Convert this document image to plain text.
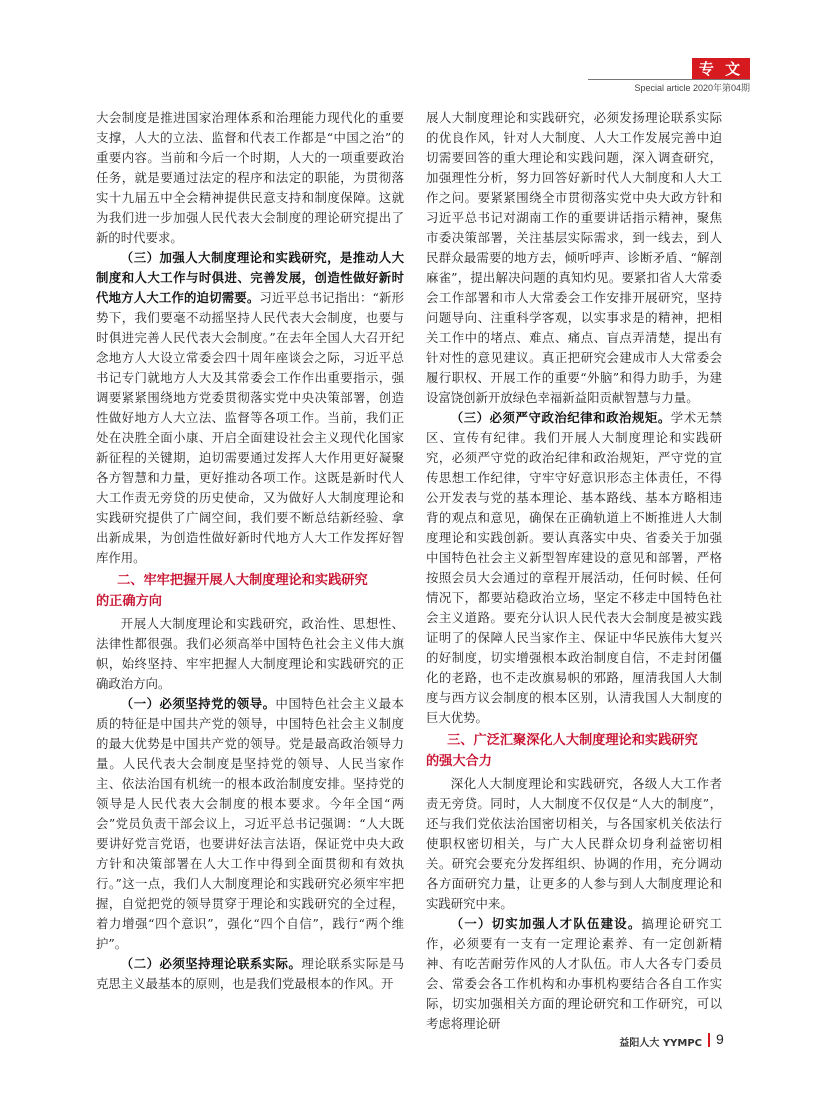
专 文
Special article 2020年第04期

大会制度是推进国家治理体系和治理能力现代化的重要支撑，人大的立法、监督和代表工作都是“中国之治”的重要内容。当前和今后一个时期，人大的一项重要政治任务，就是要通过法定的程序和法定的职能，为贯彻落实十九届五中全会精神提供民意支持和制度保障。这就为我们进一步加强人民代表大会制度的理论研究提出了新的时代要求。

（三）加强人大制度理论和实践研究，是推动人大制度和人大工作与时俱进、完善发展，创造性做好新时代地方人大工作的迫切需要。习近平总书记指出：“新形势下，我们要毫不动摇坚持人民代表大会制度，也要与时俱进完善人民代表大会制度。”在去年全国人大召开纪念地方人大设立常委会四十周年座谈会之际，习近平总书记专门就地方人大及其常委会工作作出重要指示，强调要紧紧围绕地方党委贯彻落实党中央决策部署，创造性做好地方人大立法、监督等各项工作。当前，我们正处在决胜全面小康、开启全面建设社会主义现代化国家新征程的关键期，迫切需要通过发挥人大作用更好凝聚各方智慧和力量，更好推动各项工作。这既是新时代人大工作责无旁贷的历史使命，又为做好人大制度理论和实践研究提供了广阔空间，我们要不断总结新经验、拿出新成果，为创造性做好新时代地方人大工作发挥好智库作用。

二、牢牢把握开展人大制度理论和实践研究
的正确方向

开展人大制度理论和实践研究，政治性、思想性、法律性都很强。我们必须高举中国特色社会主义伟大旗帜，始终坚持、牢牢把握人大制度理论和实践研究的正确政治方向。

（一）必须坚持党的领导。中国特色社会主义最本质的特征是中国共产党的领导，中国特色社会主义制度的最大优势是中国共产党的领导。党是最高政治领导力量。人民代表大会制度是坚持党的领导、人民当家作主、依法治国有机统一的根本政治制度安排。坚持党的领导是人民代表大会制度的根本要求。今年全国“两会”党员负责干部会议上，习近平总书记强调：“人大既要讲好党言党语，也要讲好法言法语，保证党中央大政方针和决策部署在人大工作中得到全面贯彻和有效执行。”这一点，我们人大制度理论和实践研究必须牢牢把握，自觉把党的领导贯穿于理论和实践研究的全过程，着力增强“四个意识”，强化“四个自信”，践行“两个维护”。

（二）必须坚持理论联系实际。理论联系实际是马克思主义最基本的原则，也是我们党最根本的作风。开

展人大制度理论和实践研究，必须发扬理论联系实际的优良作风，针对人大制度、人大工作发展完善中迫切需要回答的重大理论和实践问题，深入调查研究，加强理性分析，努力回答好新时代人大制度和人大工作之问。要紧紧围绕全市贯彻落实党中央大政方针和习近平总书记对湖南工作的重要讲话指示精神，聚焦市委决策部署，关注基层实际需求，到一线去，到人民群众最需要的地方去，倾听呼声、诊断矛盾、“解剖麻雀”，提出解决问题的真知灼见。要紧扣省人大常委会工作部署和市人大常委会工作安排开展研究，坚持问题导向、注重科学客观，以实事求是的精神，把相关工作中的堵点、难点、痛点、盲点弄清楚，提出有针对性的意见建议。真正把研究会建成市人大常委会履行职权、开展工作的重要“外脑”和得力助手，为建设富饶创新开放绿色幸福新益阳贡献智慧与力量。

（三）必须严守政治纪律和政治规矩。学术无禁区、宣传有纪律。我们开展人大制度理论和实践研究，必须严守党的政治纪律和政治规矩，严守党的宣传思想工作纪律，守牢守好意识形态主体责任，不得公开发表与党的基本理论、基本路线、基本方略相违背的观点和意见，确保在正确轨道上不断推进人大制度理论和实践创新。要认真落实中央、省委关于加强中国特色社会主义新型智库建设的意见和部署，严格按照会员大会通过的章程开展活动，任何时候、任何情况下，都要站稳政治立场，坚定不移走中国特色社会主义道路。要充分认识人民代表大会制度是被实践证明了的保障人民当家作主、保证中华民族伟大复兴的好制度，切实增强根本政治制度自信，不走封闭僵化的老路，也不走改旗易帜的邪路，厘清我国人大制度与西方议会制度的根本区别，认清我国人大制度的巨大优势。

三、广泛汇聚深化人大制度理论和实践研究
的强大合力

深化人大制度理论和实践研究，各级人大工作者责无旁贷。同时，人大制度不仅仅是“人大的制度”，还与我们党依法治国密切相关，与各国家机关依法行使职权密切相关，与广大人民群众切身利益密切相关。研究会要充分发挥组织、协调的作用，充分调动各方面研究力量，让更多的人参与到人大制度理论和实践研究中来。

（一）切实加强人才队伍建设。搞理论研究工作，必须要有一支有一定理论素养、有一定创新精神、有吃苦耐劳作风的人才队伍。市人大各专门委员会、常委会各工作机构和办事机构要结合各自工作实际，切实加强相关方面的理论研究和工作研究，可以考虑将理论研

益阳人大 YYMPC 9
